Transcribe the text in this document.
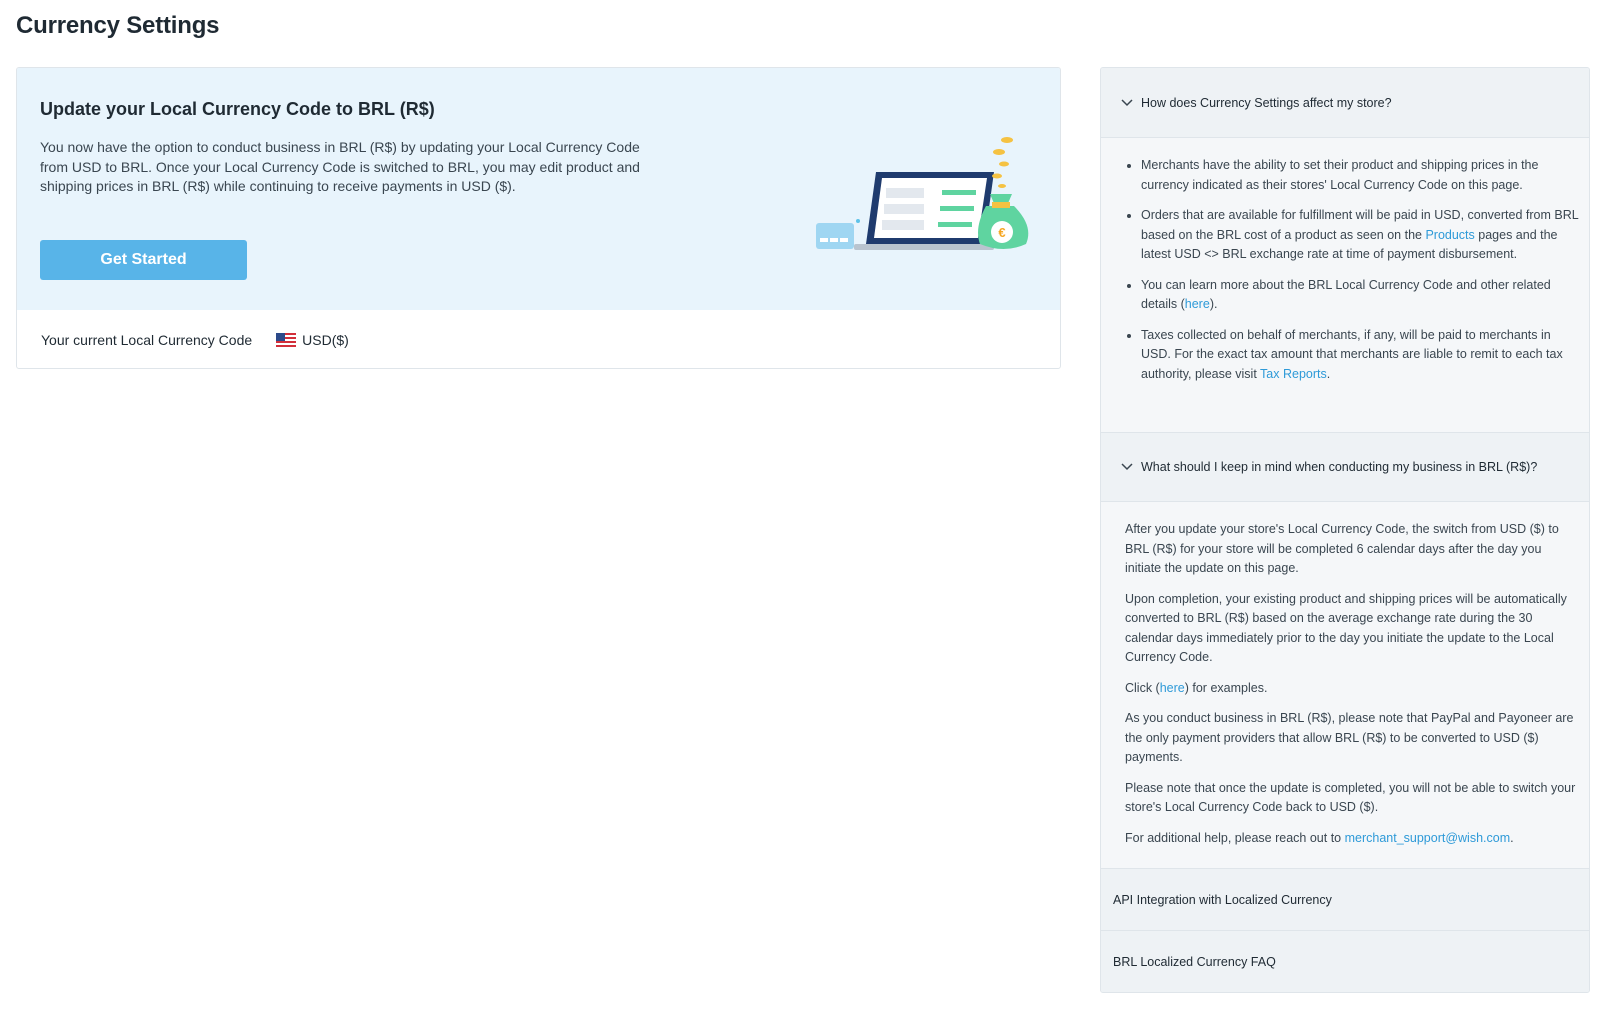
Currency Settings
Update your Local Currency Code to BRL (R$)
You now have the option to conduct business in BRL (R$) by updating your Local Currency Code from USD to BRL. Once your Local Currency Code is switched to BRL, you may edit product and shipping prices in BRL (R$) while continuing to receive payments in USD ($).
Get Started
€
Your current Local Currency Code	USD($)
How does Currency Settings affect my store?
Merchants have the ability to set their product and shipping prices in the currency indicated as their stores' Local Currency Code on this page.
Orders that are available for fulfillment will be paid in USD, converted from BRL based on the BRL cost of a product as seen on the Products pages and the latest USD <> BRL exchange rate at time of payment disbursement.
You can learn more about the BRL Local Currency Code and other related details (here).
Taxes collected on behalf of merchants, if any, will be paid to merchants in USD. For the exact tax amount that merchants are liable to remit to each tax authority, please visit Tax Reports.
What should I keep in mind when conducting my business in BRL (R$)?

After you update your store's Local Currency Code, the switch from USD ($) to BRL (R$) for your store will be completed 6 calendar days after the day you initiate the update on this page.

Upon completion, your existing product and shipping prices will be automatically converted to BRL (R$) based on the average exchange rate during the 30 calendar days immediately prior to the day you initiate the update to the Local Currency Code.

Click (here) for examples.

As you conduct business in BRL (R$), please note that PayPal and Payoneer are the only payment providers that allow BRL (R$) to be converted to USD ($) payments.

Please note that once the update is completed, you will not be able to switch your store's Local Currency Code back to USD ($).

For additional help, please reach out to merchant_support@wish.com.

API Integration with Localized Currency
BRL Localized Currency FAQ
